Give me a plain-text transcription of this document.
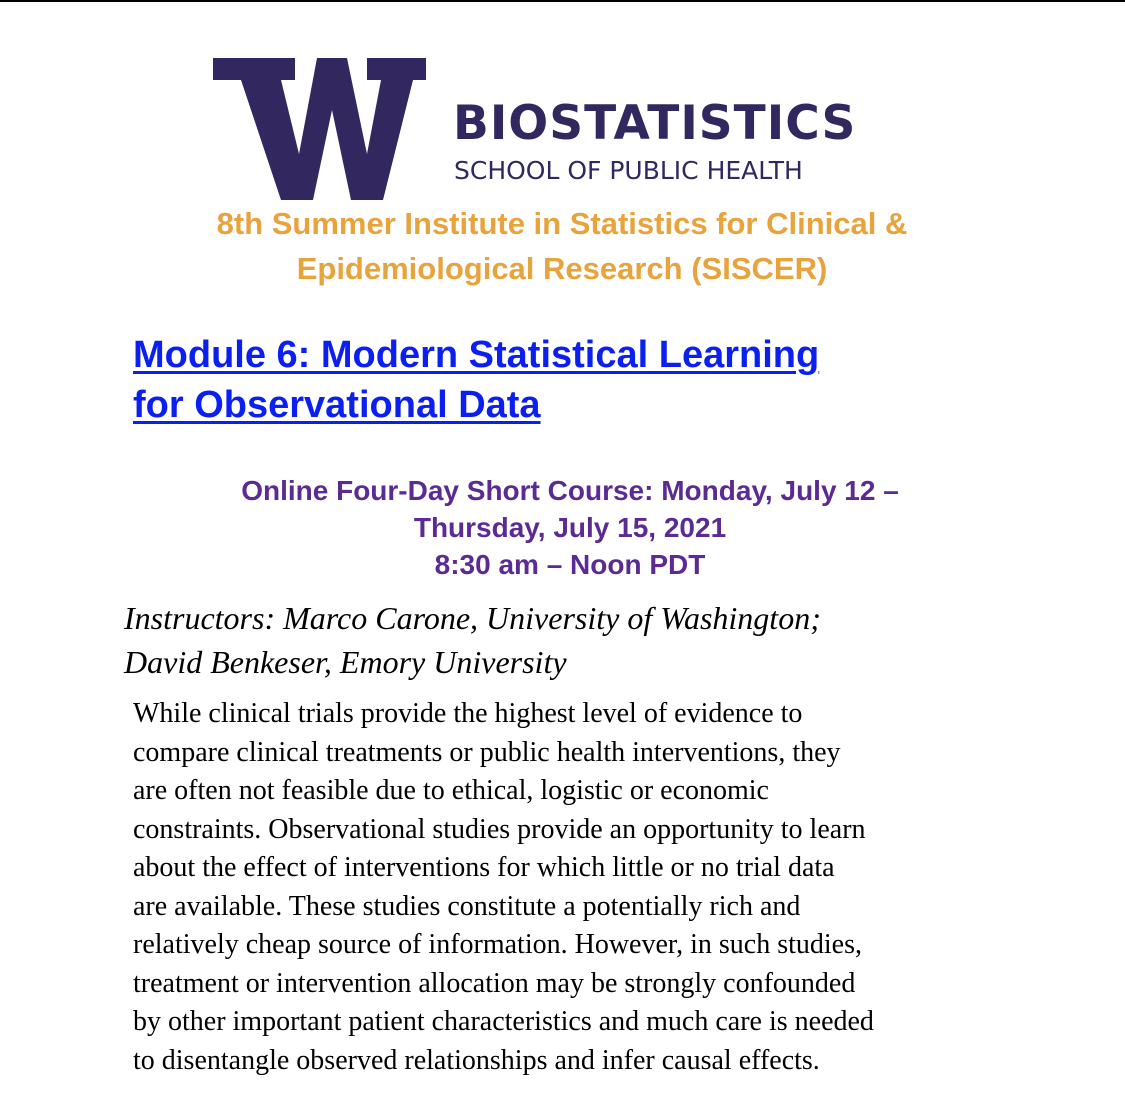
BIOSTATISTICS
SCHOOL OF PUBLIC HEALTH
8th Summer Institute in Statistics for Clinical &
Epidemiological Research (SISCER)
Module 6: Modern Statistical Learning
for Observational Data
Online Four-Day Short Course: Monday, July 12 –
Thursday, July 15, 2021
8:30 am – Noon PDT
Instructors: Marco Carone, University of Washington;
David Benkeser, Emory University
While clinical trials provide the highest level of evidence to
compare clinical treatments or public health interventions, they
are often not feasible due to ethical, logistic or economic
constraints. Observational studies provide an opportunity to learn
about the effect of interventions for which little or no trial data
are available. These studies constitute a potentially rich and
relatively cheap source of information. However, in such studies,
treatment or intervention allocation may be strongly confounded
by other important patient characteristics and much care is needed
to disentangle observed relationships and infer causal effects.
